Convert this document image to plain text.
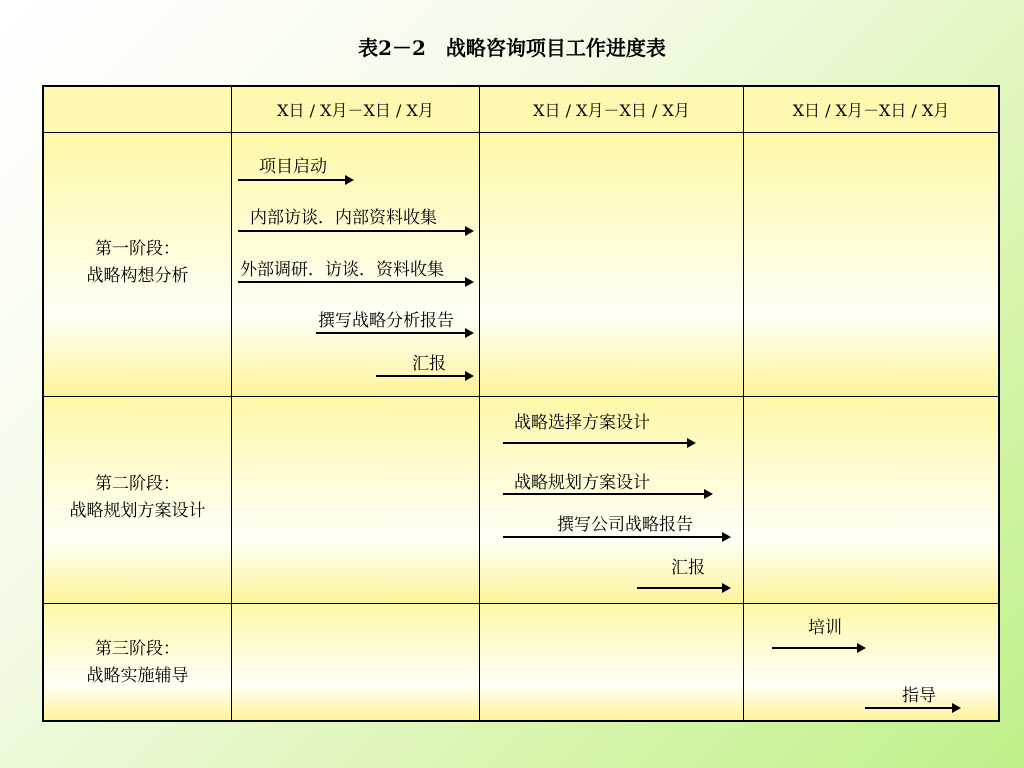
表2－2　战略咨询项目工作进度表
X日 / X月－X日 / X月	X日 / X月－X日 / X月	X日 / X月－X日 / X月
第一阶段：
战略构想分析
第二阶段：
战略规划方案设计
第三阶段：
战略实施辅导
项目启动
内部访谈．内部资料收集
外部调研．访谈．资料收集
撰写战略分析报告
汇报
战略选择方案设计
战略规划方案设计
撰写公司战略报告
汇报
培训
指导
